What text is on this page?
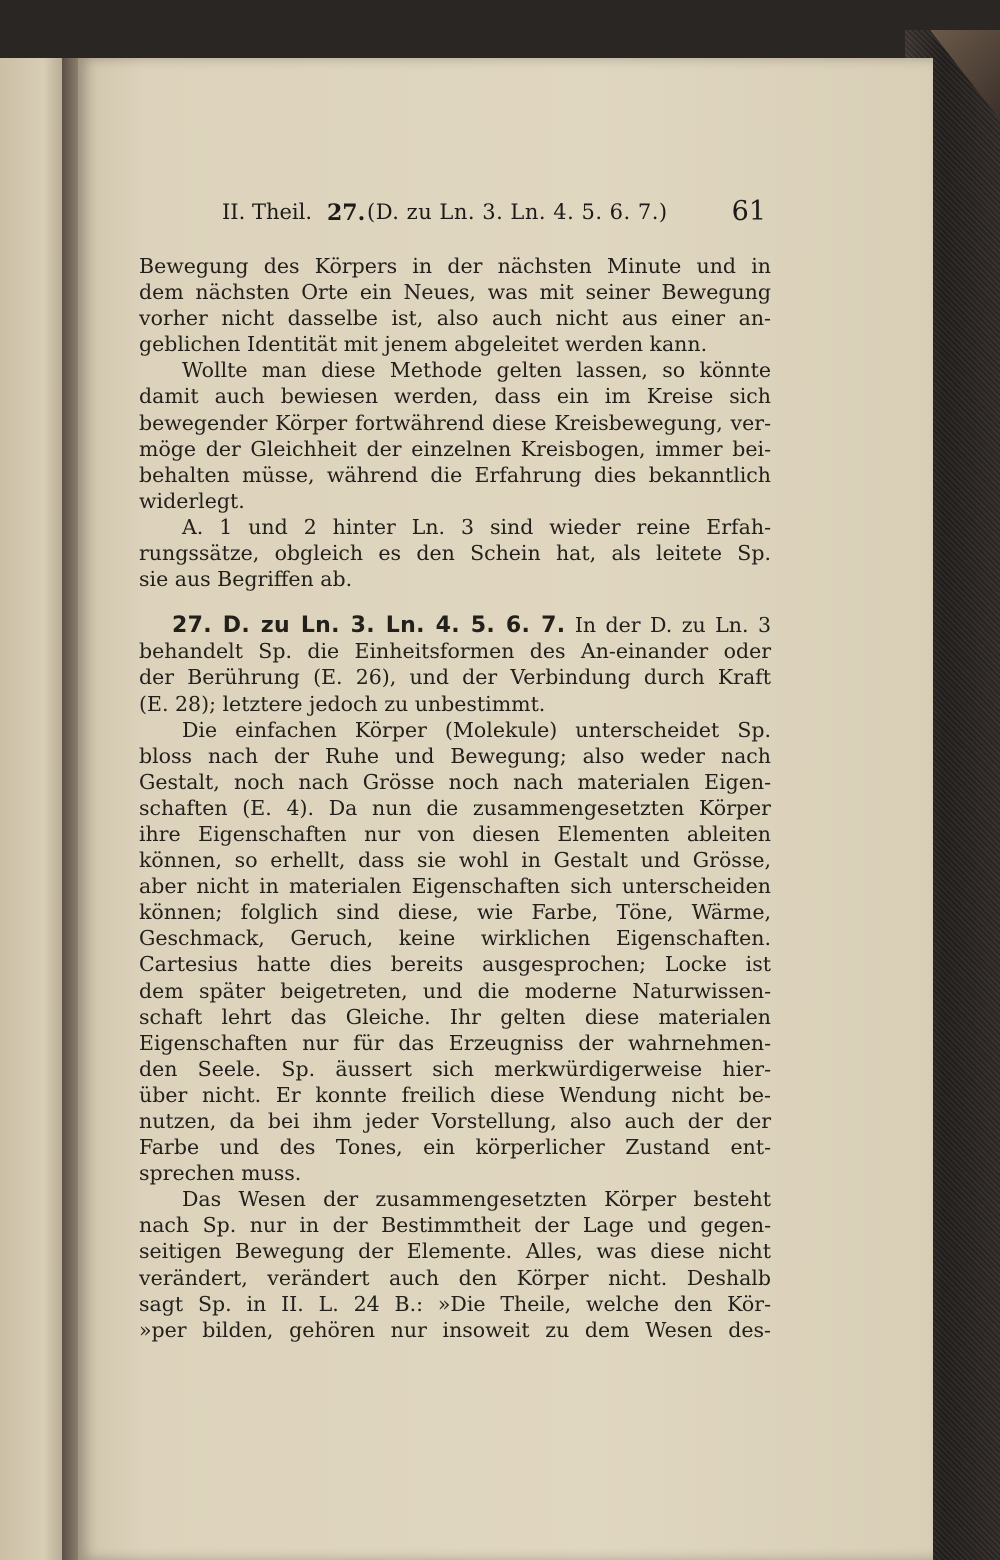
II. Theil. 27. (D. zu Ln. 3. Ln. 4. 5. 6. 7.) 61
Bewegung des Körpers in der nächsten Minute und in
dem nächsten Orte ein Neues, was mit seiner Bewegung
vorher nicht dasselbe ist, also auch nicht aus einer an-
geblichen Identität mit jenem abgeleitet werden kann.
Wollte man diese Methode gelten lassen, so könnte
damit auch bewiesen werden, dass ein im Kreise sich
bewegender Körper fortwährend diese Kreisbewegung, ver-
möge der Gleichheit der einzelnen Kreisbogen, immer bei-
behalten müsse, während die Erfahrung dies bekanntlich
widerlegt.
A. 1 und 2 hinter Ln. 3 sind wieder reine Erfah-
rungssätze, obgleich es den Schein hat, als leitete Sp.
sie aus Begriffen ab.
27. D. zu Ln. 3. Ln. 4. 5. 6. 7. In der D. zu Ln. 3
behandelt Sp. die Einheitsformen des An-einander oder
der Berührung (E. 26), und der Verbindung durch Kraft
(E. 28); letztere jedoch zu unbestimmt.
Die einfachen Körper (Molekule) unterscheidet Sp.
bloss nach der Ruhe und Bewegung; also weder nach
Gestalt, noch nach Grösse noch nach materialen Eigen-
schaften (E. 4). Da nun die zusammengesetzten Körper
ihre Eigenschaften nur von diesen Elementen ableiten
können, so erhellt, dass sie wohl in Gestalt und Grösse,
aber nicht in materialen Eigenschaften sich unterscheiden
können; folglich sind diese, wie Farbe, Töne, Wärme,
Geschmack, Geruch, keine wirklichen Eigenschaften.
Cartesius hatte dies bereits ausgesprochen; Locke ist
dem später beigetreten, und die moderne Naturwissen-
schaft lehrt das Gleiche. Ihr gelten diese materialen
Eigenschaften nur für das Erzeugniss der wahrnehmen-
den Seele. Sp. äussert sich merkwürdigerweise hier-
über nicht. Er konnte freilich diese Wendung nicht be-
nutzen, da bei ihm jeder Vorstellung, also auch der der
Farbe und des Tones, ein körperlicher Zustand ent-
sprechen muss.
Das Wesen der zusammengesetzten Körper besteht
nach Sp. nur in der Bestimmtheit der Lage und gegen-
seitigen Bewegung der Elemente. Alles, was diese nicht
verändert, verändert auch den Körper nicht. Deshalb
sagt Sp. in II. L. 24 B.: »Die Theile, welche den Kör-
»per bilden, gehören nur insoweit zu dem Wesen des-
